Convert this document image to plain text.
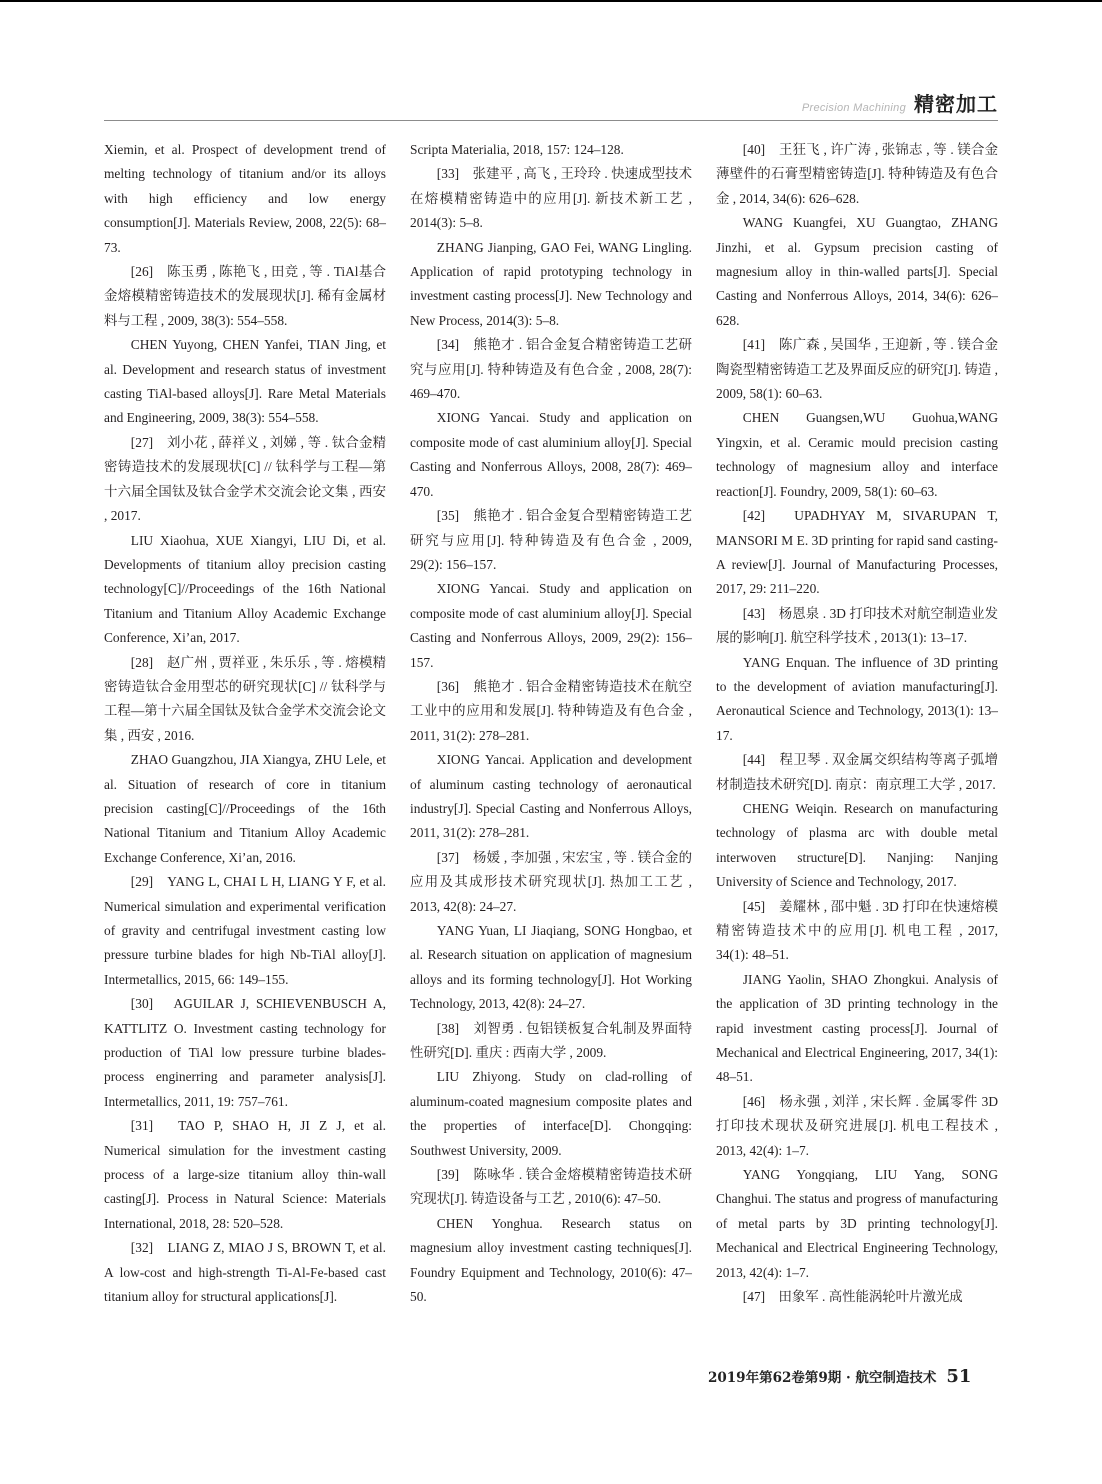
Precision Machining 精密加工

Xiemin, et al. Prospect of development trend of melting technology of titanium and/or its alloys with high efficiency and low energy consumption[J]. Materials Review, 2008, 22(5): 68–73.

[26]　陈玉勇 , 陈艳飞 , 田竞 , 等 . TiAl基合金熔模精密铸造技术的发展现状[J]. 稀有金属材料与工程 , 2009, 38(3): 554–558.

CHEN Yuyong, CHEN Yanfei, TIAN Jing, et al. Development and research status of investment casting TiAl-based alloys[J]. Rare Metal Materials and Engineering, 2009, 38(3): 554–558.

[27]　刘小花 , 薛祥义 , 刘娣 , 等 . 钛合金精密铸造技术的发展现状[C] // 钛科学与工程—第十六届全国钛及钛合金学术交流会论文集 , 西安 , 2017.

LIU Xiaohua, XUE Xiangyi, LIU Di, et al. Developments of titanium alloy precision casting technology[C]//Proceedings of the 16th National Titanium and Titanium Alloy Academic Exchange Conference, Xi’an, 2017.

[28]　赵广州 , 贾祥亚 , 朱乐乐 , 等 . 熔模精密铸造钛合金用型芯的研究现状[C] // 钛科学与工程—第十六届全国钛及钛合金学术交流会论文集 , 西安 , 2016.

ZHAO Guangzhou, JIA Xiangya, ZHU Lele, et al. Situation of research of core in titanium precision casting[C]//Proceedings of the 16th National Titanium and Titanium Alloy Academic Exchange Conference, Xi’an, 2016.

[29]　YANG L, CHAI L H, LIANG Y F, et al. Numerical simulation and experimental verification of gravity and centrifugal investment casting low pressure turbine blades for high Nb-TiAl alloy[J]. Intermetallics, 2015, 66: 149–155.

[30]　AGUILAR J, SCHIEVENBUSCH A, KATTLITZ O. Investment casting technology for production of TiAl low pressure turbine blades-process enginerring and parameter analysis[J]. Intermetallics, 2011, 19: 757–761.

[31]　TAO P, SHAO H, JI Z J, et al. Numerical simulation for the investment casting process of a large-size titanium alloy thin-wall casting[J]. Process in Natural Science: Materials International, 2018, 28: 520–528.

[32]　LIANG Z, MIAO J S, BROWN T, et al. A low-cost and high-strength Ti-Al-Fe-based cast titanium alloy for structural applications[J].

Scripta Materialia, 2018, 157: 124–128.

[33]　张建平 , 高飞 , 王玲玲 . 快速成型技术在熔模精密铸造中的应用[J]. 新技术新工艺 , 2014(3): 5–8.

ZHANG Jianping, GAO Fei, WANG Lingling. Application of rapid prototyping technology in investment casting process[J]. New Technology and New Process, 2014(3): 5–8.

[34]　熊艳才 . 铝合金复合精密铸造工艺研究与应用[J]. 特种铸造及有色合金 , 2008, 28(7): 469–470.

XIONG Yancai. Study and application on composite mode of cast aluminium alloy[J]. Special Casting and Nonferrous Alloys, 2008, 28(7): 469–470.

[35]　熊艳才 . 铝合金复合型精密铸造工艺研究与应用[J]. 特种铸造及有色合金 , 2009, 29(2): 156–157.

XIONG Yancai. Study and application on composite mode of cast aluminium alloy[J]. Special Casting and Nonferrous Alloys, 2009, 29(2): 156–157.

[36]　熊艳才 . 铝合金精密铸造技术在航空工业中的应用和发展[J]. 特种铸造及有色合金 , 2011, 31(2): 278–281.

XIONG Yancai. Application and development of aluminum casting technology of aeronautical industry[J]. Special Casting and Nonferrous Alloys, 2011, 31(2): 278–281.

[37]　杨媛 , 李加强 , 宋宏宝 , 等 . 镁合金的应用及其成形技术研究现状[J]. 热加工工艺 , 2013, 42(8): 24–27.

YANG Yuan, LI Jiaqiang, SONG Hongbao, et al. Research situation on application of magnesium alloys and its forming technology[J]. Hot Working Technology, 2013, 42(8): 24–27.

[38]　刘智勇 . 包铝镁板复合轧制及界面特性研究[D]. 重庆 : 西南大学 , 2009.

LIU Zhiyong. Study on clad-rolling of aluminum-coated magnesium composite plates and the properties of interface[D]. Chongqing: Southwest University, 2009.

[39]　陈咏华 . 镁合金熔模精密铸造技术研究现状[J]. 铸造设备与工艺 , 2010(6): 47–50.

CHEN Yonghua. Research status on magnesium alloy investment casting techniques[J]. Foundry Equipment and Technology, 2010(6): 47–50.

[40]　王狂飞 , 许广涛 , 张锦志 , 等 . 镁合金薄壁件的石膏型精密铸造[J]. 特种铸造及有色合金 , 2014, 34(6): 626–628.

WANG Kuangfei, XU Guangtao, ZHANG Jinzhi, et al. Gypsum precision casting of magnesium alloy in thin-walled parts[J]. Special Casting and Nonferrous Alloys, 2014, 34(6): 626–628.

[41]　陈广森 , 吴国华 , 王迎新 , 等 . 镁合金陶瓷型精密铸造工艺及界面反应的研究[J]. 铸造 , 2009, 58(1): 60–63.

CHEN Guangsen,WU Guohua,WANG Yingxin, et al. Ceramic mould precision casting technology of magnesium alloy and interface reaction[J]. Foundry, 2009, 58(1): 60–63.

[42]　UPADHYAY M, SIVARUPAN T, MANSORI M E. 3D printing for rapid sand casting-A review[J]. Journal of Manufacturing Processes, 2017, 29: 211–220.

[43]　杨恩泉 . 3D 打印技术对航空制造业发展的影响[J]. 航空科学技术 , 2013(1): 13–17.

YANG Enquan. The influence of 3D printing to the development of aviation manufacturing[J]. Aeronautical Science and Technology, 2013(1): 13–17.

[44]　程卫琴 . 双金属交织结构等离子弧增材制造技术研究[D]. 南京：南京理工大学 , 2017.

CHENG Weiqin. Research on manufacturing technology of plasma arc with double metal interwoven structure[D]. Nanjing: Nanjing University of Science and Technology, 2017.

[45]　姜耀林 , 邵中魁 . 3D 打印在快速熔模精密铸造技术中的应用[J]. 机电工程 , 2017, 34(1): 48–51.

JIANG Yaolin, SHAO Zhongkui. Analysis of the application of 3D printing technology in the rapid investment casting process[J]. Journal of Mechanical and Electrical Engineering, 2017, 34(1): 48–51.

[46]　杨永强 , 刘洋 , 宋长辉 . 金属零件 3D 打印技术现状及研究进展[J]. 机电工程技术 , 2013, 42(4): 1–7.

YANG Yongqiang, LIU Yang, SONG Changhui. The status and progress of manufacturing of metal parts by 3D printing technology[J]. Mechanical and Electrical Engineering Technology, 2013, 42(4): 1–7.

[47]　田象军 . 高性能涡轮叶片激光成

2019年第62卷第9期 · 航空制造技术 51
